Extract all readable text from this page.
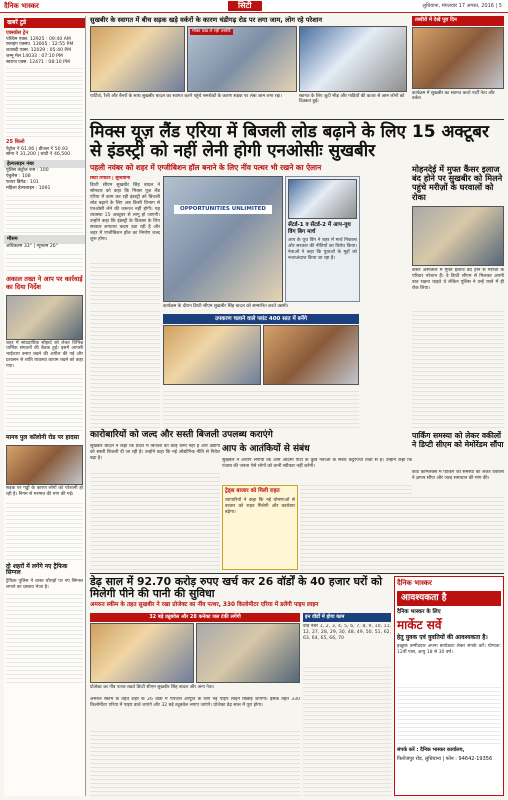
दैनिक भास्कर	सिटी	लुधियाना, मंगलवार 17 अगस्त, 2016 | 5
खबरें टुडे
एक्सप्रेस ट्रेन
पश्चिम एक्स. 12925 : 09:40 AM
फ्लाइंग एक्सप. 13005 : 12:55 PM
शताब्दी एक्स. 12029 : 05:40 PM
जम्मू मेल 14033 : 07:10 PM
स्वराज एक्स. 12471 : 08:10 PM
25 किलो
पेट्रोल ₹ 61.06 | डीजल ₹ 50.93
सोना ₹ 31,200 | चांदी ₹ 46,500
हेल्पलाइन नंबर
पुलिस कंट्रोल रूम : 100
एंबुलेंस : 108
फायर ब्रिगेड : 101
महिला हेल्पलाइन : 1091
मौसम
अधिकतम 33° | न्यूनतम 26°
अकाल तख्त ने आप पर कार्रवाई का दिया निर्देश
शहर में सांप्रदायिक सौहार्द को लेकर विभिन्न धार्मिक संगठनों की बैठक हुई। इसमें आपसी भाईचारा बनाए रखने की अपील की गई और प्रशासन से शांति व्यवस्था कायम रखने को कहा गया।
मानव पुल कॉलोनी रोड पर हादसा
सड़क पर गड्ढों के कारण लोगों को परेशानी हो रही है। निगम से मरम्मत की मांग की गई।
दो शहरों में लगेंगे नए ट्रैफिक सिग्नल
ट्रैफिक पुलिस ने व्यस्त चौराहों पर नए सिग्नल लगाने का प्रस्ताव भेजा है।
सुखबीर के स्वागत में बीच सड़क खड़े वर्करों के कारण चंडीगढ़ रोड पर लगा जाम, लोग रहे परेशान
मौका देख ले रही तस्वीरें
पार्टियां, रैली और बैनरों के साथ सुखबीर बादल का स्वागत करने पहुंचे समर्थकों के कारण सड़क पर लंबा जाम लगा रहा।	स्वागत के लिए जुटी भीड़ और गाड़ियों की कतार से आम लोगों को दिक्कत हुई।
तस्वीरों में देखें पूरा दिन
कार्यक्रम में सुखबीर का स्वागत करते पार्टी नेता और वर्कर।
मिक्स यूज़ लैंड एरिया में बिजली लोड बढ़ाने के लिए 15 अक्टूबर से इंडस्ट्री को नहीं लेनी होगी एनओसीः सुखबीर
पहली नवंबर को शहर में एग्जीबिशन हॉल बनाने के लिए नींव पत्थर भी रखने का ऐलान

सिटी रिपोर्टर | लुधियाना

डिप्टी सीएम सुखबीर सिंह बादल ने सोमवार को कहा कि मिक्स यूज़ लैंड एरिया में काम कर रही इंडस्ट्री को बिजली लोड बढ़ाने के लिए अब किसी विभाग से एनओसी लेने की जरूरत नहीं होगी। यह व्यवस्था 15 अक्टूबर से लागू हो जाएगी। उन्होंने कहा कि इंडस्ट्री के विकास के लिए सरकार लगातार कदम उठा रही है और शहर में एग्जीबिशन हॉल का निर्माण जल्द शुरू होगा।

OPPORTUNITIES UNLIMITED
कार्यक्रम के दौरान डिप्टी सीएम सुखबीर सिंह बादल को सम्मानित करते उद्यमी।
सेंटर्ड-1 व सेंटर्ड-2 में आप-यूथ विंग बिग मार्च
आप के यूथ विंग ने शहर में मार्च निकाला और सरकार की नीतियों का विरोध किया। नेताओं ने कहा कि युवाओं के मुद्दों को नजरअंदाज किया जा रहा है।
मोहनदेई में मुफ्त कैंसर इलाज बंद होने पर सुखबीर को मिलने पहुंचे मरीज़ों के घरवालों को रोका
कैंसर अस्पताल में मुफ्त इलाज बंद होने से मरीजों के परिवार परेशान हैं। वे डिप्टी सीएम से मिलकर अपनी बात रखना चाहते थे लेकिन पुलिस ने उन्हें रास्ते में ही रोक लिया।
उपकरण चलाने वाले प्लांट 400 सात में बनेंगे
कारोबारियों को जल्द और सस्ती बिजली उपलब्ध कराएंगे
सुखबीर बादल ने कहा कि प्रदेश में बिजली की कोई कमी नहीं है और उद्योगों को सस्ती बिजली दी जा रही है। उन्होंने कहा कि नई औद्योगिक नीति से निवेश बढ़ा है।
आप के आतंकियों से संबंध
सुखबीर ने आरोप लगाया कि आम आदमी पार्टी के कुछ नेताओं के संबंध कट्टरपंथी तत्वों से हैं। उन्होंने कहा कि पंजाब की जनता ऐसे लोगों को कभी स्वीकार नहीं करेगी।
ट्रेड्स बाजार को मिली राहत
व्यापारियों ने कहा कि नई घोषणाओं से बाजार को राहत मिलेगी और कारोबार बढ़ेगा।
पार्किंग समस्या को लेकर वकीलों ने डिप्टी सीएम को मेमोरेंडम सौंपा
कोर्ट कॉम्प्लेक्स में पार्किंग की समस्या को लेकर वकीलों ने ज्ञापन सौंपा और जल्द समाधान की मांग की।
डेढ़ साल में 92.70 करोड़ रुपए खर्च कर 26 वॉर्डों के 40 हजार घरों को मिलेगी पीने की पानी की सुविधा
अमरुत स्कीम के तहत सुखबीर ने रखा प्रोजेक्ट का नींव पत्थर, 330 किलोमीटर एरिया में डलेंगी पाइप लाइन
32 बड़े ट्यूबवेल और 28 कनेक्ट जल टंकी लगेंगी
प्रोजेक्ट का नींव पत्थर रखते डिप्टी सीएम सुखबीर सिंह बादल और अन्य नेता।
अमरुत स्कीम के तहत शहर के 26 वॉर्डों में पेयजल आपूर्ति के लिए नई पाइप लाइन बिछाई जाएगी। इसके तहत 330 किलोमीटर एरिया में पाइप डाले जाएंगे और 32 बड़े ट्यूबवेल लगाए जाएंगे। प्रोजेक्ट डेढ़ साल में पूरा होगा।
इन वॉर्डों में होगा काम
वॉर्ड नंबर 1, 2, 3, 4, 5, 6, 7, 8, 9, 10, 11, 12, 27, 28, 29, 30, 48, 49, 50, 51, 62, 63, 64, 65, 66, 70
दैनिक भास्कर
आवश्यकता है
दैनिक भास्कर के लिए
मार्केट सर्वे
हेतु युवक एवं युवतियों की आवश्यकता है।
इच्छुक उम्मीदवार अपना बायोडाटा लेकर संपर्क करें। योग्यता: 12वीं पास, आयु 18 से 30 वर्ष।
संपर्क करें : दैनिक भास्कर कार्यालय,
फिरोजपुर रोड, लुधियाना | फोन : 94642-19356
